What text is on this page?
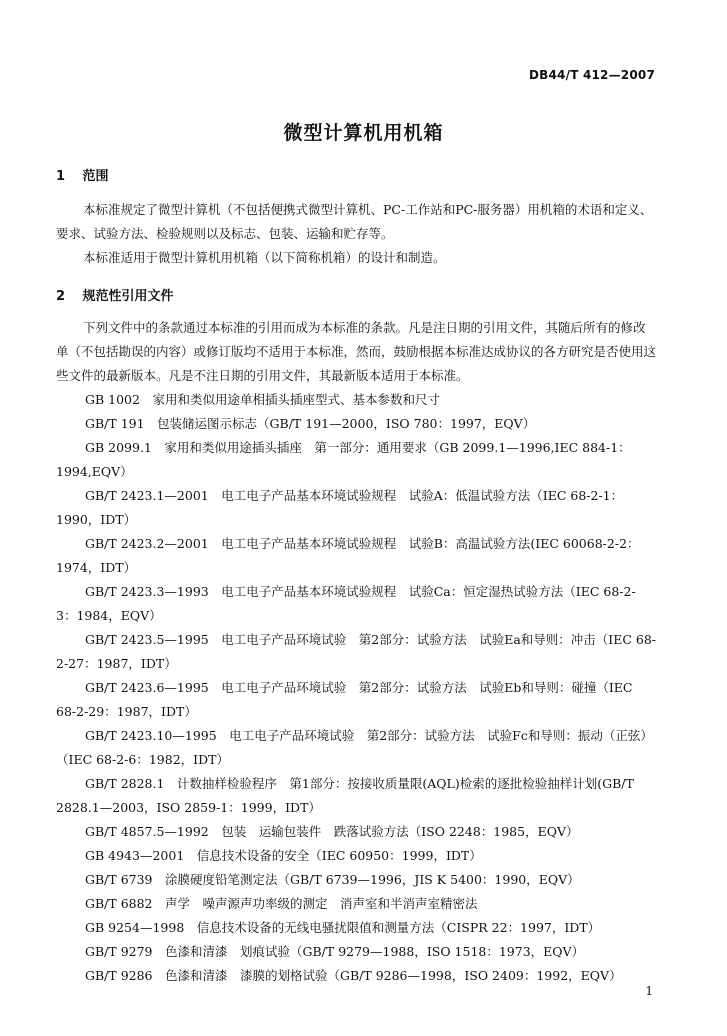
DB44/T 412—2007
微型计算机用机箱
1 范围
本标准规定了微型计算机（不包括便携式微型计算机、PC-工作站和PC-服务器）用机箱的术语和定义、要求、试验方法、检验规则以及标志、包装、运输和贮存等。
本标准适用于微型计算机用机箱（以下简称机箱）的设计和制造。
2 规范性引用文件
下列文件中的条款通过本标准的引用而成为本标准的条款。凡是注日期的引用文件，其随后所有的修改单（不包括勘误的内容）或修订版均不适用于本标准，然而，鼓励根据本标准达成协议的各方研究是否使用这些文件的最新版本。凡是不注日期的引用文件，其最新版本适用于本标准。
GB 1002　家用和类似用途单相插头插座型式、基本参数和尺寸
GB/T 191　包装储运图示标志（GB/T 191—2000，ISO 780：1997，EQV）
GB 2099.1　家用和类似用途插头插座　第一部分：通用要求（GB 2099.1—1996,IEC 884-1：1994,EQV）
GB/T 2423.1—2001　电工电子产品基本环境试验规程　试验A：低温试验方法（IEC 68-2-1：1990，IDT）
GB/T 2423.2—2001　电工电子产品基本环境试验规程　试验B：高温试验方法(IEC 60068-2-2：1974，IDT）
GB/T 2423.3—1993　电工电子产品基本环境试验规程　试验Ca：恒定湿热试验方法（IEC 68-2-3：1984，EQV）
GB/T 2423.5—1995　电工电子产品环境试验　第2部分：试验方法　试验Ea和导则：冲击（IEC 68-2-27：1987，IDT）
GB/T 2423.6—1995　电工电子产品环境试验　第2部分：试验方法　试验Eb和导则：碰撞（IEC 68-2-29：1987，IDT）
GB/T 2423.10—1995　电工电子产品环境试验　第2部分：试验方法　试验Fc和导则：振动（正弦）（IEC 68-2-6：1982，IDT）
GB/T 2828.1　计数抽样检验程序　第1部分：按接收质量限(AQL)检索的逐批检验抽样计划(GB/T 2828.1—2003，ISO 2859-1：1999，IDT）
GB/T 4857.5—1992　包装　运输包装件　跌落试验方法（ISO 2248：1985，EQV）
GB 4943—2001　信息技术设备的安全（IEC 60950：1999，IDT）
GB/T 6739　涂膜硬度铅笔测定法（GB/T 6739—1996，JIS K 5400：1990，EQV）
GB/T 6882　声学　噪声源声功率级的测定　消声室和半消声室精密法
GB 9254—1998　信息技术设备的无线电骚扰限值和测量方法（CISPR 22：1997，IDT）
GB/T 9279　色漆和清漆　划痕试验（GB/T 9279—1988，ISO 1518：1973，EQV）
GB/T 9286　色漆和清漆　漆膜的划格试验（GB/T 9286—1998，ISO 2409：1992，EQV）
1
